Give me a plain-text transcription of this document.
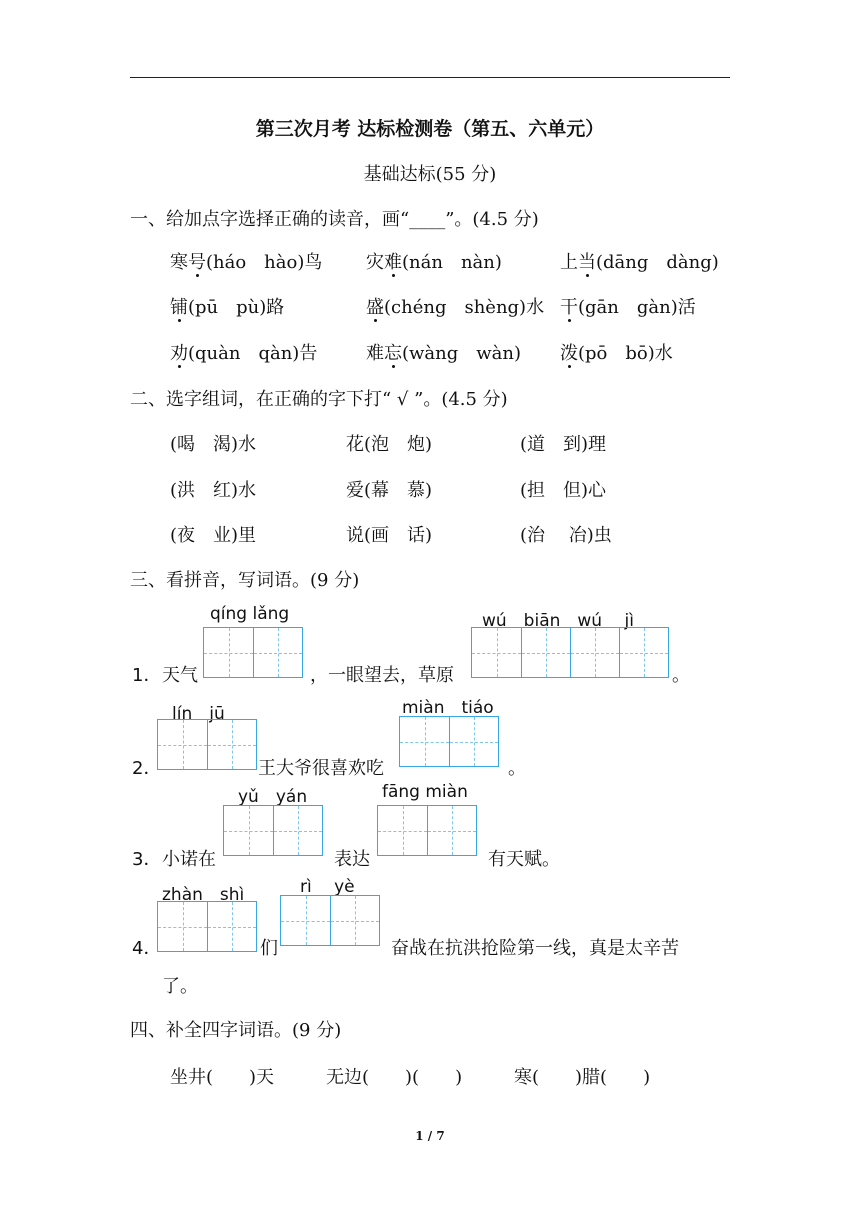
第三次月考 达标检测卷（第五、六单元）
基础达标(55 分)
一、给加点字选择正确的读音，画“____”。(4.5 分)
寒号(háo　hào)鸟 灾难(nán　nàn)	上当(dāng　dàng)
铺(pū　pù)路	盛(chéng　shèng)水 干(gān　gàn)活
劝(quàn　qàn)告	难忘(wàng　wàn) 泼(pō　bō)水
二、选字组词，在正确的字下打“ √ ”。(4.5 分)
(喝　渴)水	花(泡　炮)	(道　到)理
(洪　红)水	爱(幕　慕)	(担　但)心
(夜　业)里	说(画　话)	(治　 冶)虫
三、看拼音，写词语。(9 分)
qíng lǎng	wú　biān　wú　 jì
1． 天气	，一眼望去，草原	。
lín　jū	miàn　tiáo
2．	王大爷很喜欢吃	。
yǔ　yán	fāng miàn
3． 小诺在	表达	有天赋。
zhàn　shì	rì　 yè
4．	们	奋战在抗洪抢险第一线，真是太辛苦
了。
四、补全四字词语。(9 分)
坐井(　　)天	无边(　　)(　　)	寒(　　)腊(　　)
1 / 7
